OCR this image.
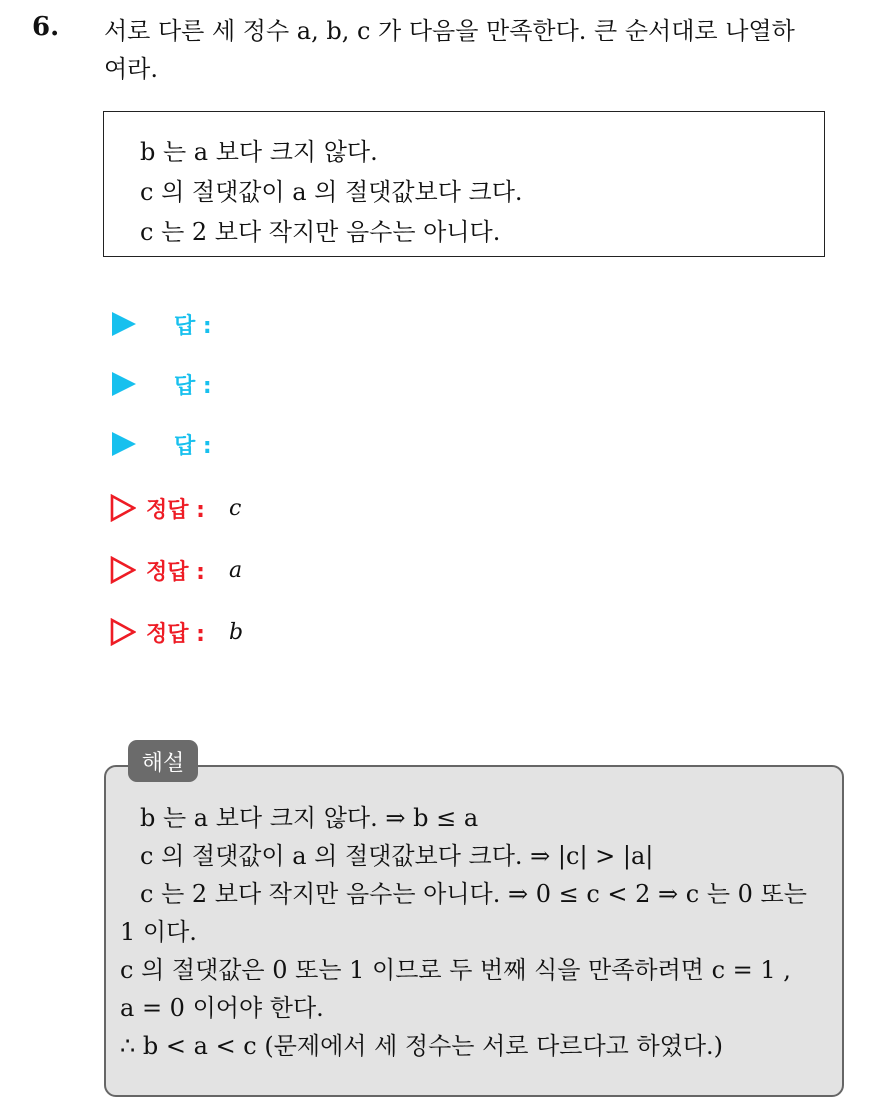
6. 서로 다른 세 정수 a, b, c 가 다음을 만족한다. 큰 순서대로 나열하
여라.
b 는 a 보다 크지 않다.
c 의 절댓값이 a 의 절댓값보다 크다.
c 는 2 보다 작지만 음수는 아니다.
답 :
답 :
답 :
정답 : c
정답 : a
정답 : b
해설
b 는 a 보다 크지 않다. ⇒ b ≤ a
c 의 절댓값이 a 의 절댓값보다 크다. ⇒ |c| > |a|
c 는 2 보다 작지만 음수는 아니다. ⇒ 0 ≤ c < 2 ⇒ c 는 0 또는
1 이다.
c 의 절댓값은 0 또는 1 이므로 두 번째 식을 만족하려면 c = 1 ,
a = 0 이어야 한다.
∴ b < a < c (문제에서 세 정수는 서로 다르다고 하였다.)
